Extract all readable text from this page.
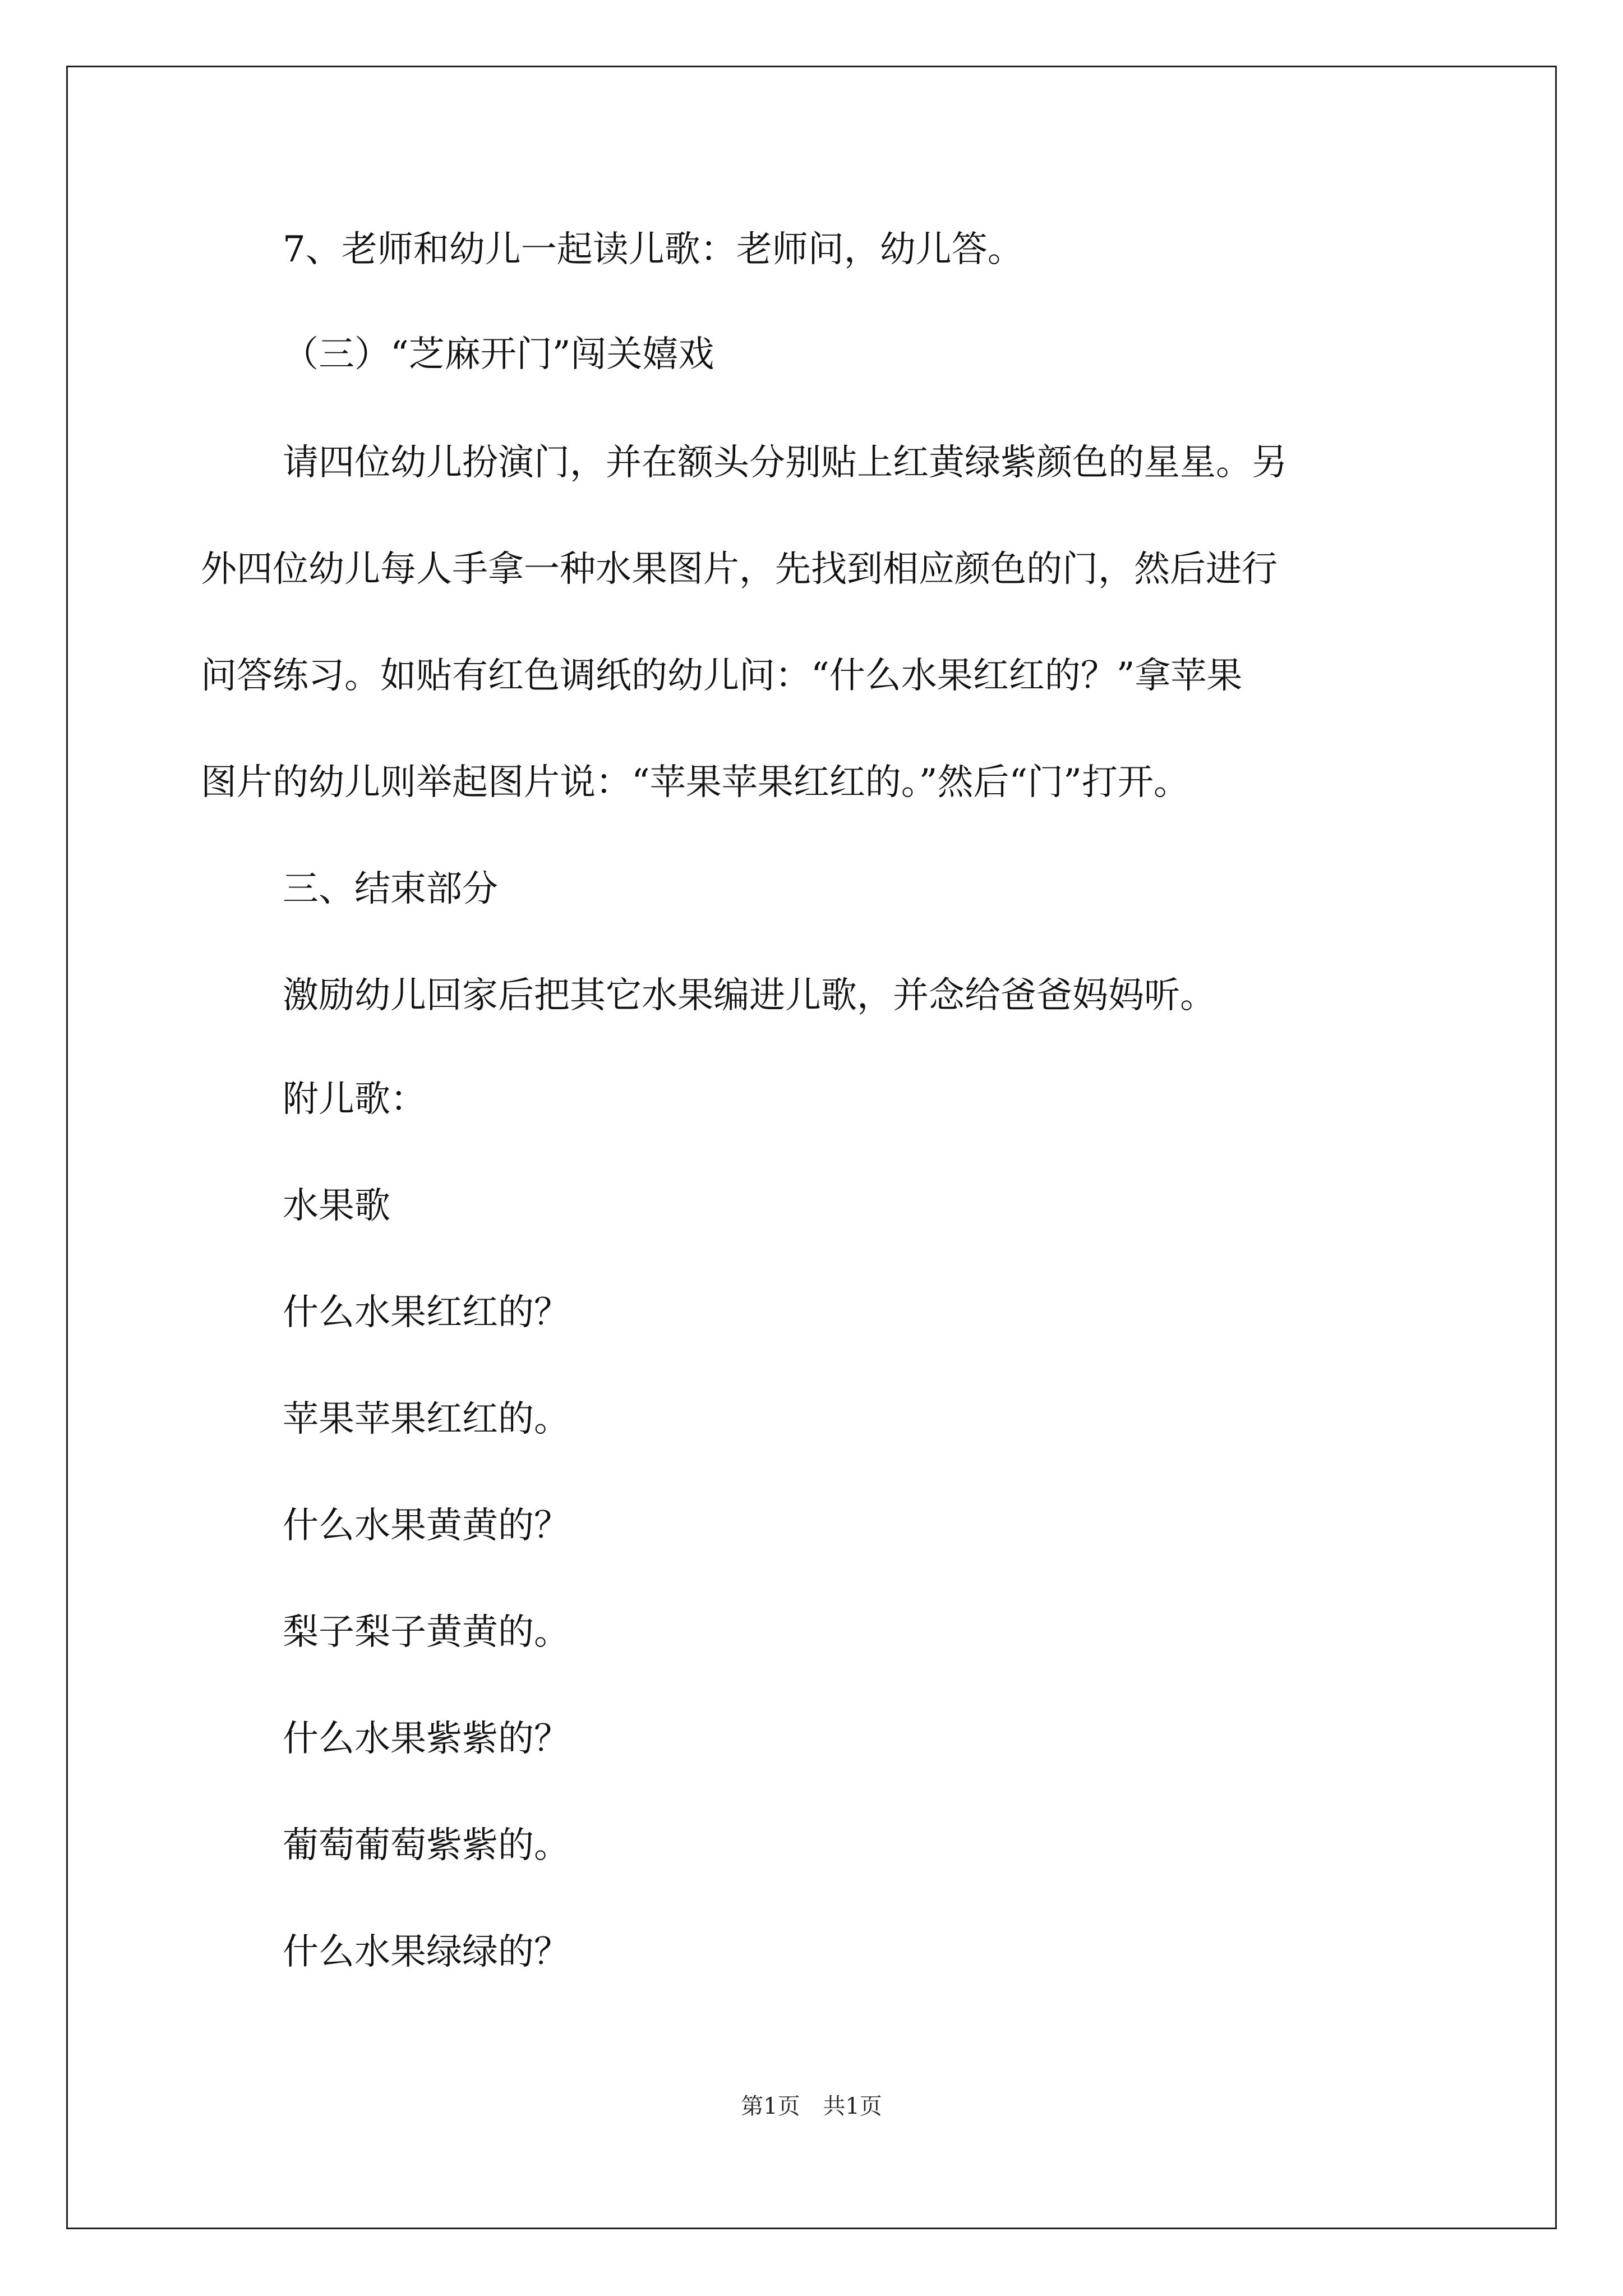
7、老师和幼儿一起读儿歌：老师问，幼儿答。
（三）“芝麻开门”闯关嬉戏
请四位幼儿扮演门，并在额头分别贴上红黄绿紫颜色的星星。另
外四位幼儿每人手拿一种水果图片，先找到相应颜色的门，然后进行
问答练习。如贴有红色调纸的幼儿问：“什么水果红红的？”拿苹果
图片的幼儿则举起图片说：“苹果苹果红红的。”然后“门”打开。
三、结束部分
激励幼儿回家后把其它水果编进儿歌，并念给爸爸妈妈听。
附儿歌：
水果歌
什么水果红红的？
苹果苹果红红的。
什么水果黄黄的？
梨子梨子黄黄的。
什么水果紫紫的？
葡萄葡萄紫紫的。
什么水果绿绿的？
第1页 共1页
